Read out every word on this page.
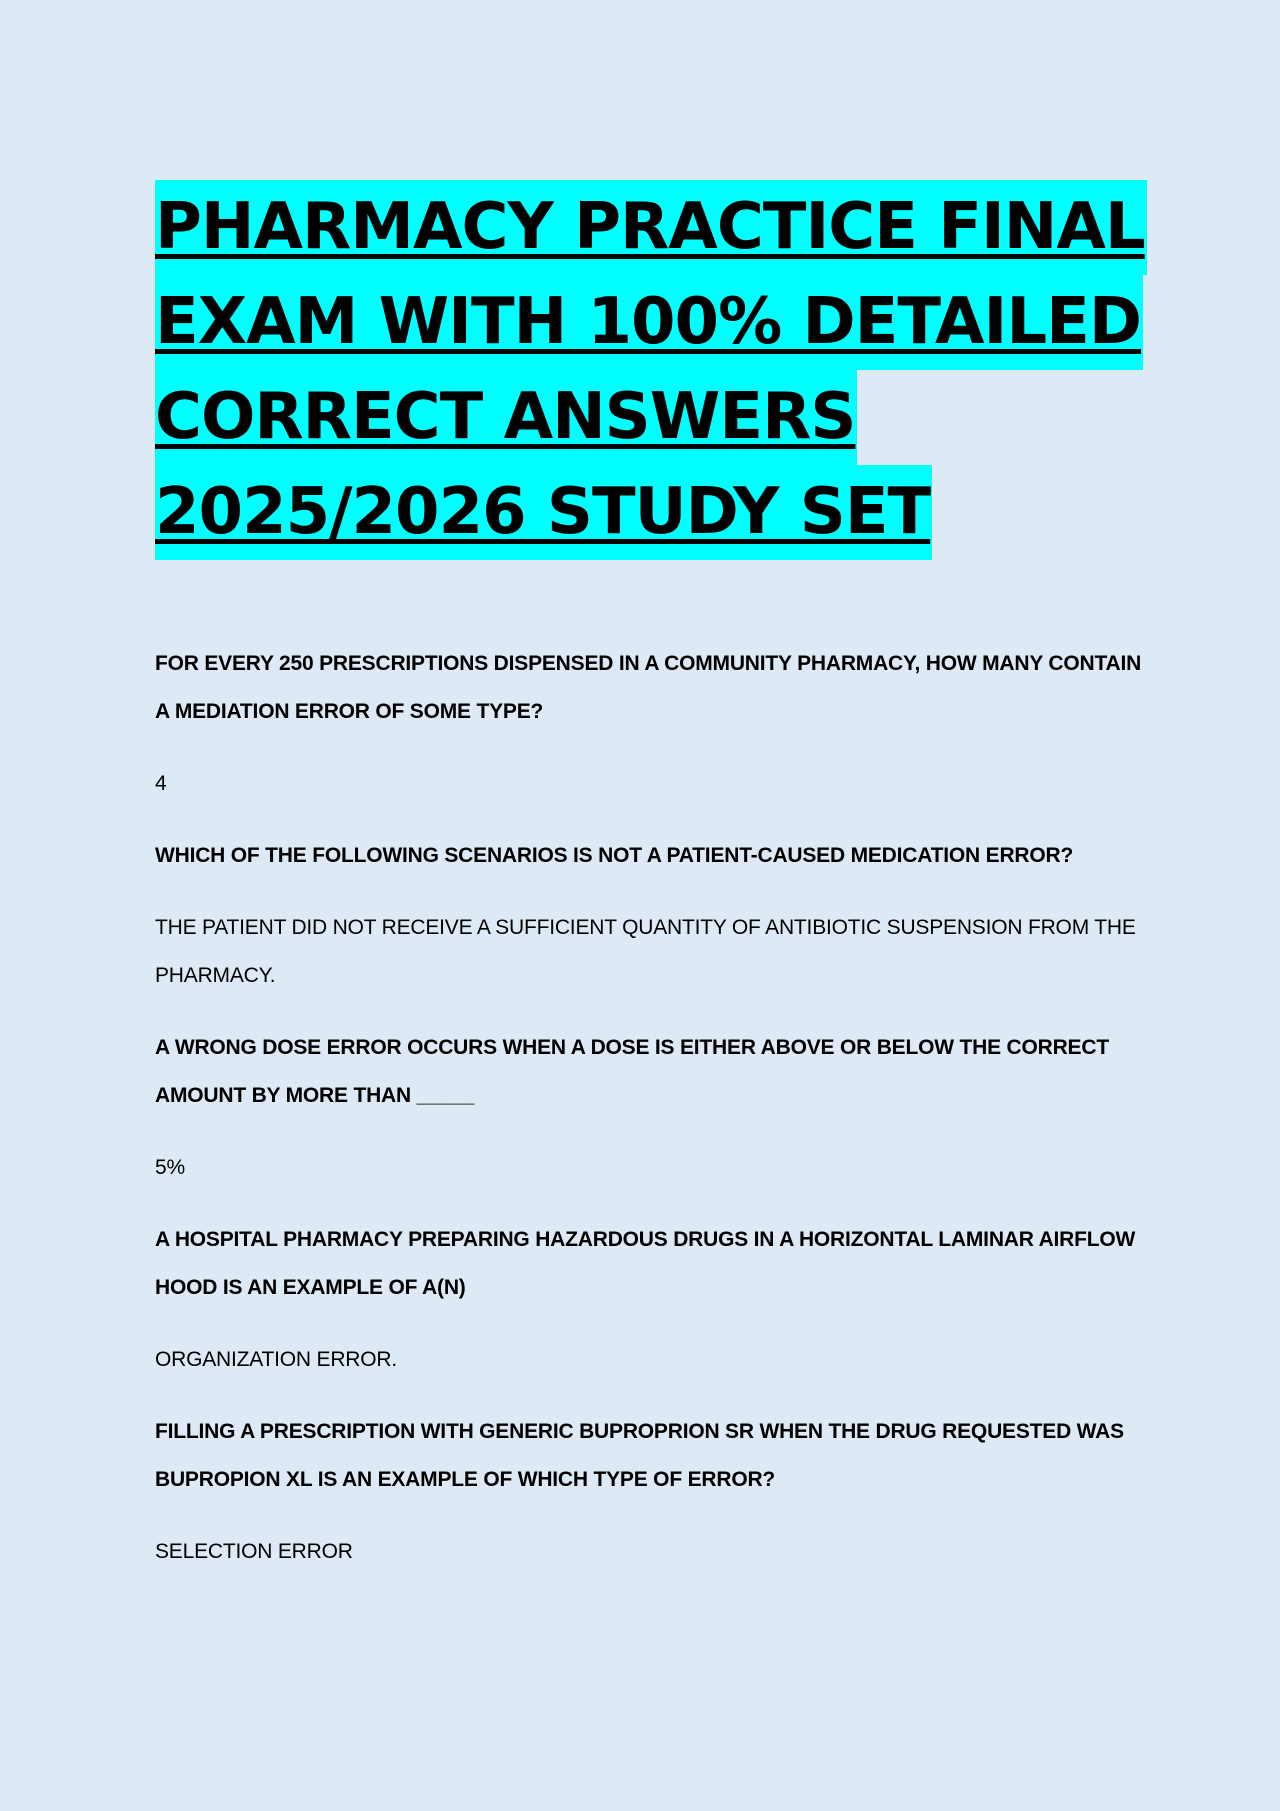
PHARMACY PRACTICE FINAL
EXAM WITH 100% DETAILED
CORRECT ANSWERS
2025/2026 STUDY SET

FOR EVERY 250 PRESCRIPTIONS DISPENSED IN A COMMUNITY PHARMACY, HOW MANY CONTAIN A MEDIATION ERROR OF SOME TYPE?

4

WHICH OF THE FOLLOWING SCENARIOS IS NOT A PATIENT-CAUSED MEDICATION ERROR?

THE PATIENT DID NOT RECEIVE A SUFFICIENT QUANTITY OF ANTIBIOTIC SUSPENSION FROM THE PHARMACY.

A WRONG DOSE ERROR OCCURS WHEN A DOSE IS EITHER ABOVE OR BELOW THE CORRECT AMOUNT BY MORE THAN _____

5%

A HOSPITAL PHARMACY PREPARING HAZARDOUS DRUGS IN A HORIZONTAL LAMINAR AIRFLOW HOOD IS AN EXAMPLE OF A(N)

ORGANIZATION ERROR.

FILLING A PRESCRIPTION WITH GENERIC BUPROPRION SR WHEN THE DRUG REQUESTED WAS BUPROPION XL IS AN EXAMPLE OF WHICH TYPE OF ERROR?

SELECTION ERROR
